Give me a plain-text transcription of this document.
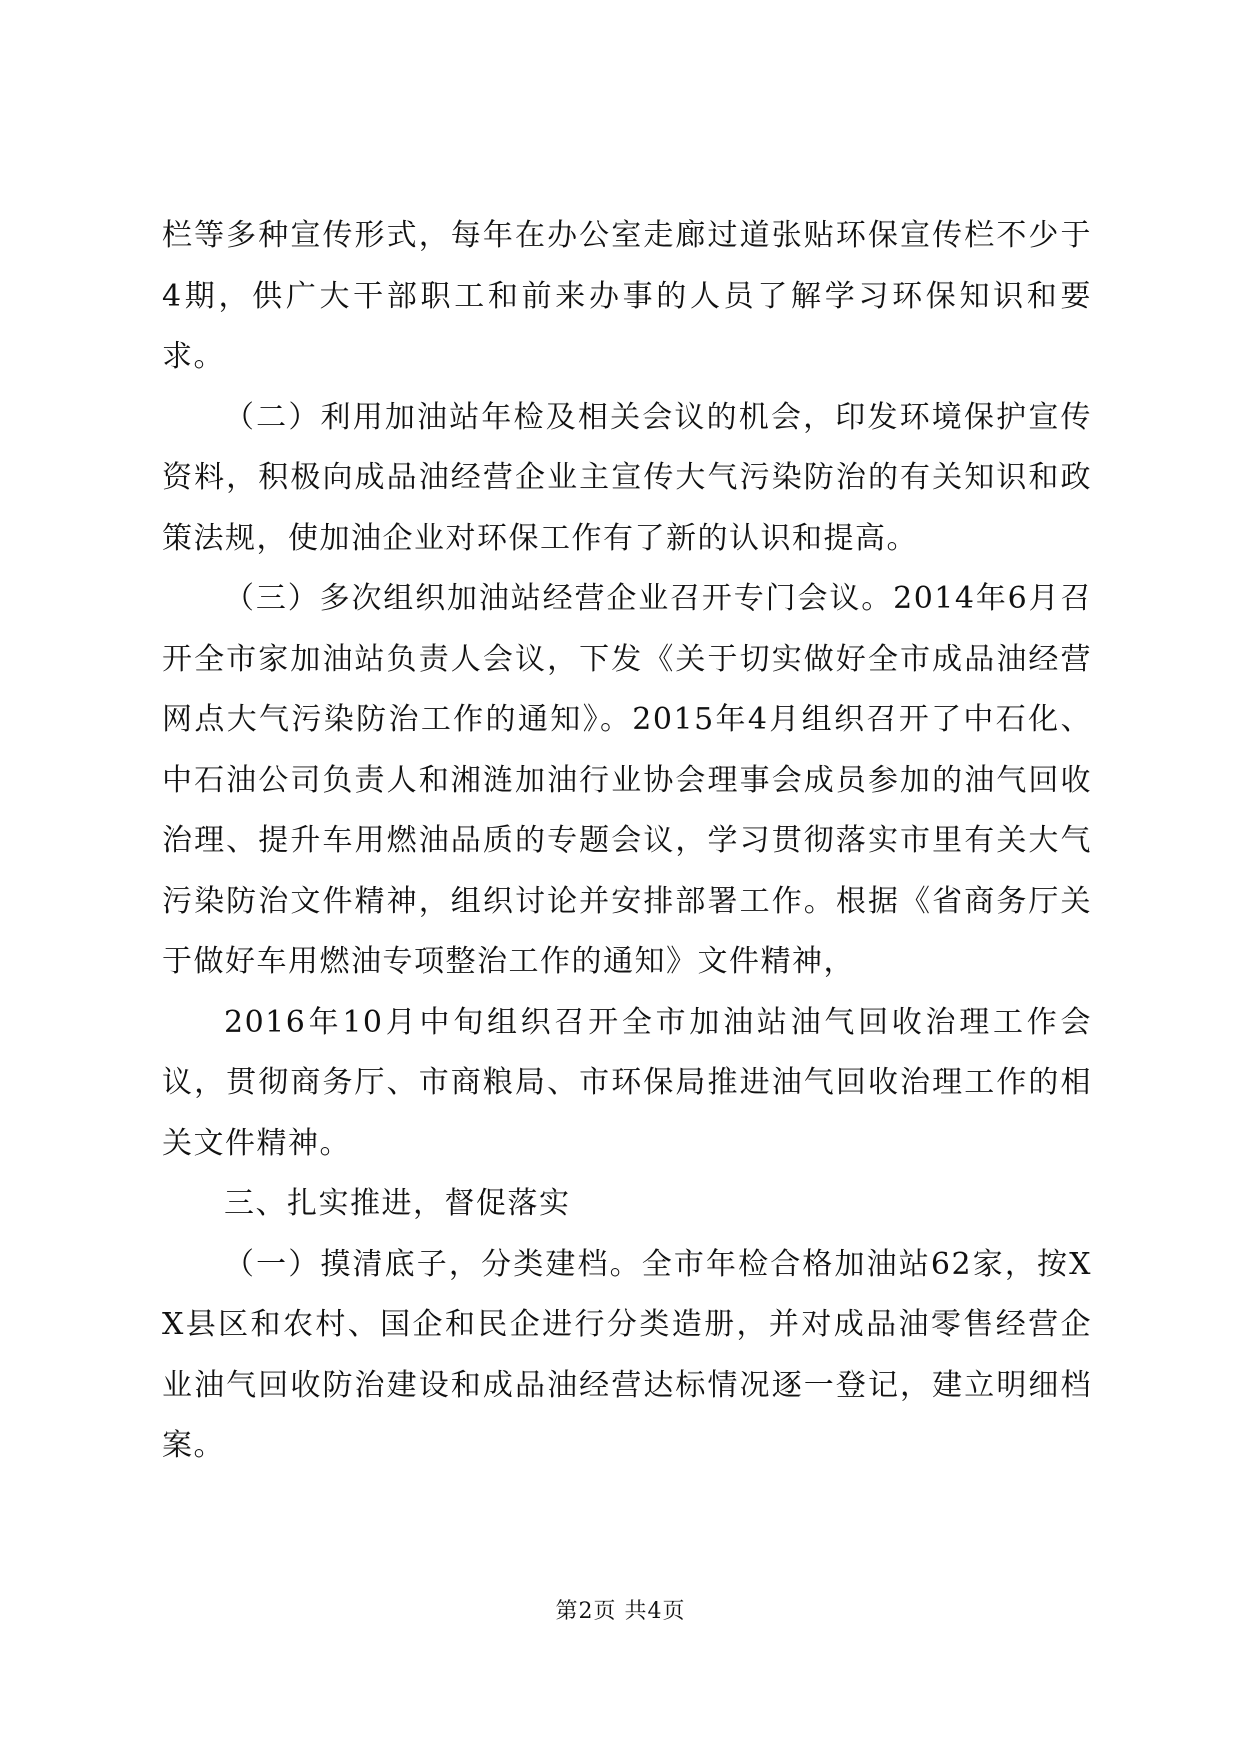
栏等多种宣传形式，每年在办公室走廊过道张贴环保宣传栏不少于4期，供广大干部职工和前来办事的人员了解学习环保知识和要求。

（二）利用加油站年检及相关会议的机会，印发环境保护宣传资料，积极向成品油经营企业主宣传大气污染防治的有关知识和政策法规，使加油企业对环保工作有了新的认识和提高。

（三）多次组织加油站经营企业召开专门会议。2014年6月召开全市家加油站负责人会议，下发《关于切实做好全市成品油经营网点大气污染防治工作的通知》。2015年4月组织召开了中石化、中石油公司负责人和湘涟加油行业协会理事会成员参加的油气回收治理、提升车用燃油品质的专题会议，学习贯彻落实市里有关大气污染防治文件精神，组织讨论并安排部署工作。根据《省商务厅关于做好车用燃油专项整治工作的通知》文件精神，

2016年10月中旬组织召开全市加油站油气回收治理工作会议，贯彻商务厅、市商粮局、市环保局推进油气回收治理工作的相关文件精神。

三、扎实推进，督促落实

（一）摸清底子，分类建档。全市年检合格加油站62家，按XX县区和农村、国企和民企进行分类造册，并对成品油零售经营企业油气回收防治建设和成品油经营达标情况逐一登记，建立明细档案。

第2页 共4页
